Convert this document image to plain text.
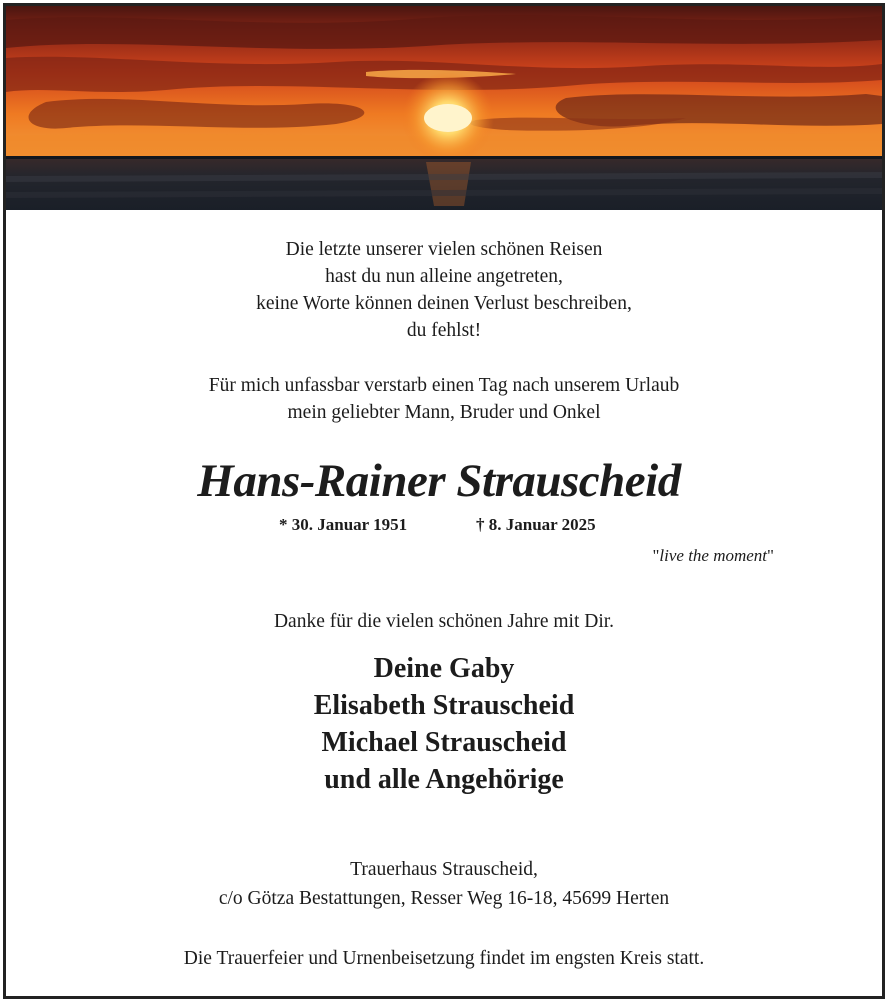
Die letzte unserer vielen schönen Reisen
hast du nun alleine angetreten,
keine Worte können deinen Verlust beschreiben,
du fehlst!
Für mich unfassbar verstarb einen Tag nach unserem Urlaub
mein geliebter Mann, Bruder und Onkel
Hans-Rainer Strauscheid
* 30. Januar 1951	† 8. Januar 2025
"live the moment"
Danke für die vielen schönen Jahre mit Dir.
Deine Gaby
Elisabeth Strauscheid
Michael Strauscheid
und alle Angehörige
Trauerhaus Strauscheid,
c/o Götza Bestattungen, Resser Weg 16-18, 45699 Herten
Die Trauerfeier und Urnenbeisetzung findet im engsten Kreis statt.
